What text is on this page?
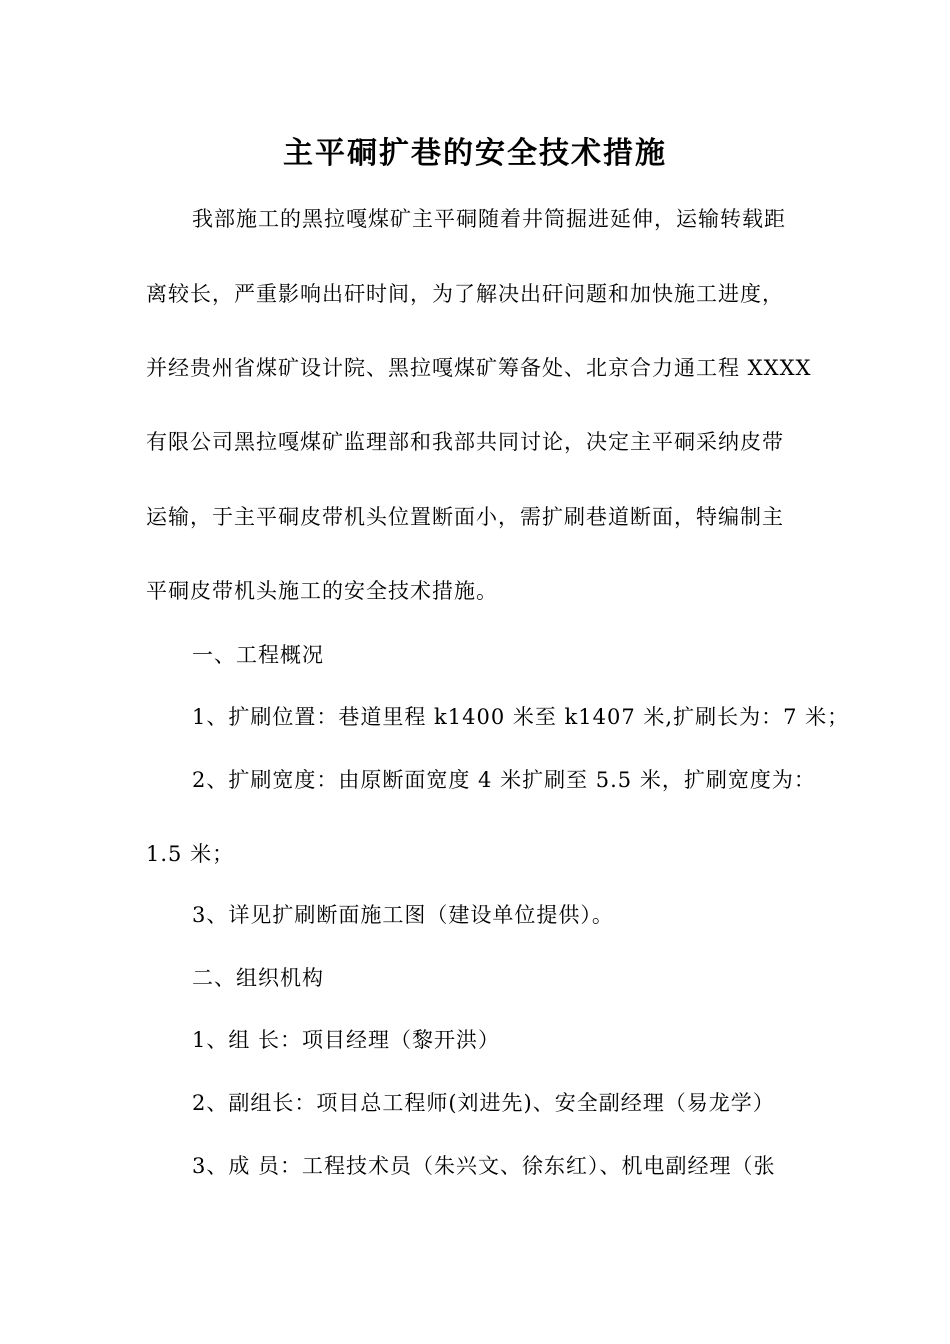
主平硐扩巷的安全技术措施
我部施工的黑拉嘎煤矿主平硐随着井筒掘进延伸，运输转载距
离较长，严重影响出矸时间，为了解决出矸问题和加快施工进度，
并经贵州省煤矿设计院、黑拉嘎煤矿筹备处、北京合力通工程 XXXX
有限公司黑拉嘎煤矿监理部和我部共同讨论，决定主平硐采纳皮带
运输，于主平硐皮带机头位置断面小，需扩刷巷道断面，特编制主
平硐皮带机头施工的安全技术措施。
一、工程概况
1、扩刷位置：巷道里程 k1400 米至 k1407 米,扩刷长为：7 米；
2、扩刷宽度：由原断面宽度 4 米扩刷至 5.5 米，扩刷宽度为：
1.5 米；
3、详见扩刷断面施工图（建设单位提供）。
二、组织机构
1、组 长：项目经理（黎开洪）
2、副组长：项目总工程师(刘进先)、安全副经理（易龙学）
3、成 员：工程技术员（朱兴文、徐东红）、机电副经理（张
